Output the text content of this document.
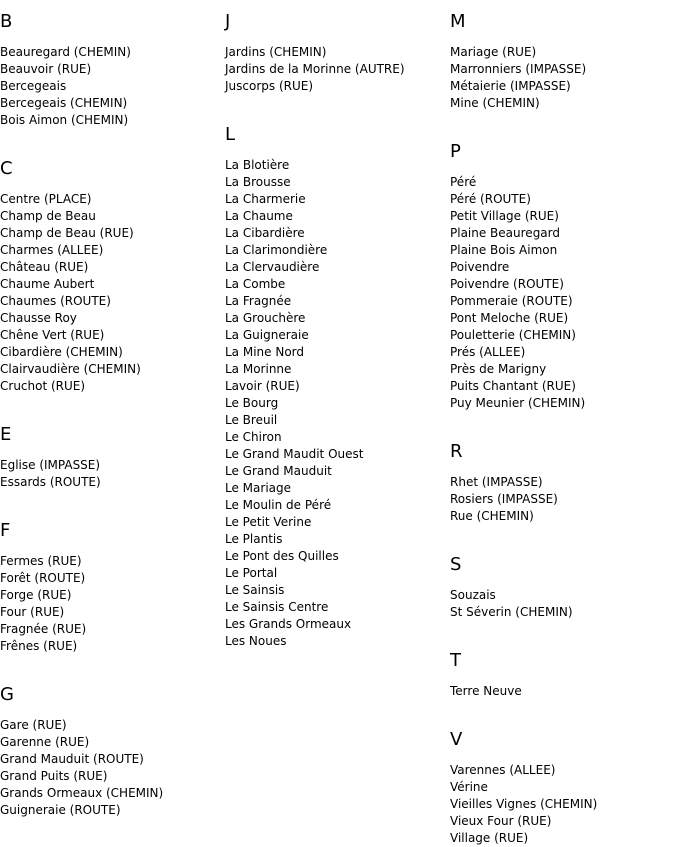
B
Beauregard (CHEMIN)
Beauvoir (RUE)
Bercegeais
Bercegeais (CHEMIN)
Bois Aimon (CHEMIN)
C
Centre (PLACE)
Champ de Beau
Champ de Beau (RUE)
Charmes (ALLEE)
Château (RUE)
Chaume Aubert
Chaumes (ROUTE)
Chausse Roy
Chêne Vert (RUE)
Cibardière (CHEMIN)
Clairvaudière (CHEMIN)
Cruchot (RUE)
E
Eglise (IMPASSE)
Essards (ROUTE)
F
Fermes (RUE)
Forêt (ROUTE)
Forge (RUE)
Four (RUE)
Fragnée (RUE)
Frênes (RUE)
G
Gare (RUE)
Garenne (RUE)
Grand Mauduit (ROUTE)
Grand Puits (RUE)
Grands Ormeaux (CHEMIN)
Guigneraie (ROUTE)
J
Jardins (CHEMIN)
Jardins de la Morinne (AUTRE)
Juscorps (RUE)
L
La Blotière
La Brousse
La Charmerie
La Chaume
La Cibardière
La Clarimondière
La Clervaudière
La Combe
La Fragnée
La Grouchère
La Guigneraie
La Mine Nord
La Morinne
Lavoir (RUE)
Le Bourg
Le Breuil
Le Chiron
Le Grand Maudit Ouest
Le Grand Mauduit
Le Mariage
Le Moulin de Péré
Le Petit Verine
Le Plantis
Le Pont des Quilles
Le Portal
Le Sainsis
Le Sainsis Centre
Les Grands Ormeaux
Les Noues
M
Mariage (RUE)
Marronniers (IMPASSE)
Métaierie (IMPASSE)
Mine (CHEMIN)
P
Péré
Péré (ROUTE)
Petit Village (RUE)
Plaine Beauregard
Plaine Bois Aimon
Poivendre
Poivendre (ROUTE)
Pommeraie (ROUTE)
Pont Meloche (RUE)
Pouletterie (CHEMIN)
Prés (ALLEE)
Près de Marigny
Puits Chantant (RUE)
Puy Meunier (CHEMIN)
R
Rhet (IMPASSE)
Rosiers (IMPASSE)
Rue (CHEMIN)
S
Souzais
St Séverin (CHEMIN)
T
Terre Neuve
V
Varennes (ALLEE)
Vérine
Vieilles Vignes (CHEMIN)
Vieux Four (RUE)
Village (RUE)
